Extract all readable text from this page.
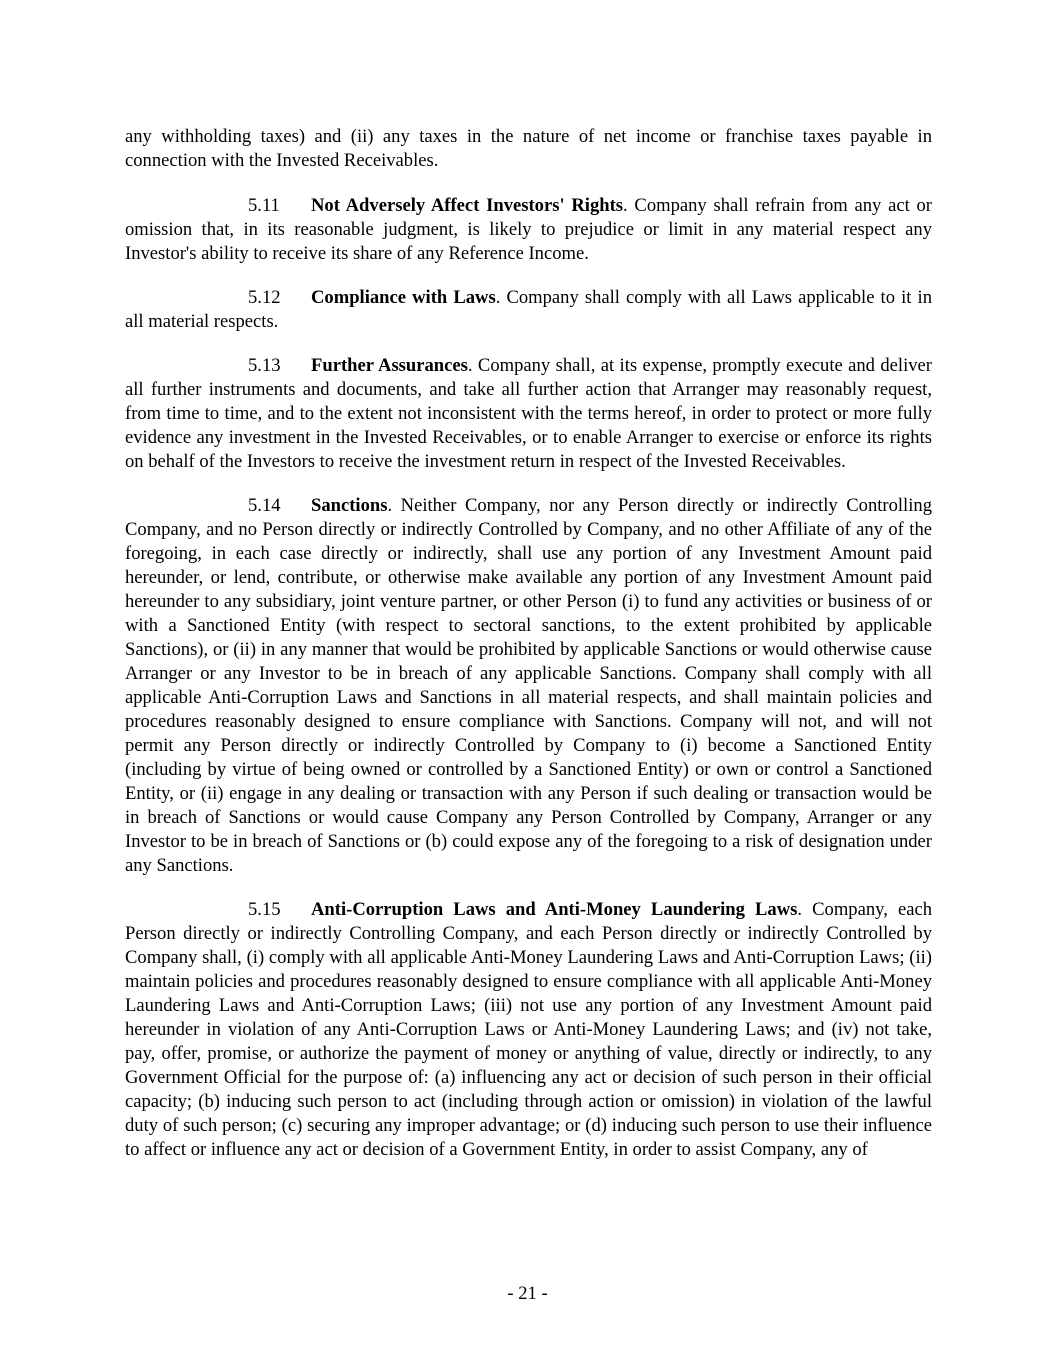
any withholding taxes) and (ii) any taxes in the nature of net income or franchise taxes payable in connection with the Invested Receivables.

5.11 Not Adversely Affect Investors' Rights. Company shall refrain from any act or omission that, in its reasonable judgment, is likely to prejudice or limit in any material respect any Investor's ability to receive its share of any Reference Income.

5.12 Compliance with Laws. Company shall comply with all Laws applicable to it in all material respects.

5.13 Further Assurances. Company shall, at its expense, promptly execute and deliver all further instruments and documents, and take all further action that Arranger may reasonably request, from time to time, and to the extent not inconsistent with the terms hereof, in order to protect or more fully evidence any investment in the Invested Receivables, or to enable Arranger to exercise or enforce its rights on behalf of the Investors to receive the investment return in respect of the Invested Receivables.

5.14 Sanctions. Neither Company, nor any Person directly or indirectly Controlling Company, and no Person directly or indirectly Controlled by Company, and no other Affiliate of any of the foregoing, in each case directly or indirectly, shall use any portion of any Investment Amount paid hereunder, or lend, contribute, or otherwise make available any portion of any Investment Amount paid hereunder to any subsidiary, joint venture partner, or other Person (i) to fund any activities or business of or with a Sanctioned Entity (with respect to sectoral sanctions, to the extent prohibited by applicable Sanctions), or (ii) in any manner that would be prohibited by applicable Sanctions or would otherwise cause Arranger or any Investor to be in breach of any applicable Sanctions. Company shall comply with all applicable Anti-Corruption Laws and Sanctions in all material respects, and shall maintain policies and procedures reasonably designed to ensure compliance with Sanctions. Company will not, and will not permit any Person directly or indirectly Controlled by Company to (i) become a Sanctioned Entity (including by virtue of being owned or controlled by a Sanctioned Entity) or own or control a Sanctioned Entity, or (ii) engage in any dealing or transaction with any Person if such dealing or transaction would be in breach of Sanctions or would cause Company any Person Controlled by Company, Arranger or any Investor to be in breach of Sanctions or (b) could expose any of the foregoing to a risk of designation under any Sanctions.

5.15 Anti-Corruption Laws and Anti-Money Laundering Laws. Company, each Person directly or indirectly Controlling Company, and each Person directly or indirectly Controlled by Company shall, (i) comply with all applicable Anti-Money Laundering Laws and Anti-Corruption Laws; (ii) maintain policies and procedures reasonably designed to ensure compliance with all applicable Anti-Money Laundering Laws and Anti-Corruption Laws; (iii) not use any portion of any Investment Amount paid hereunder in violation of any Anti-Corruption Laws or Anti-Money Laundering Laws; and (iv) not take, pay, offer, promise, or authorize the payment of money or anything of value, directly or indirectly, to any Government Official for the purpose of: (a) influencing any act or decision of such person in their official capacity; (b) inducing such person to act (including through action or omission) in violation of the lawful duty of such person; (c) securing any improper advantage; or (d) inducing such person to use their influence to affect or influence any act or decision of a Government Entity, in order to assist Company, any of

- 21 -
